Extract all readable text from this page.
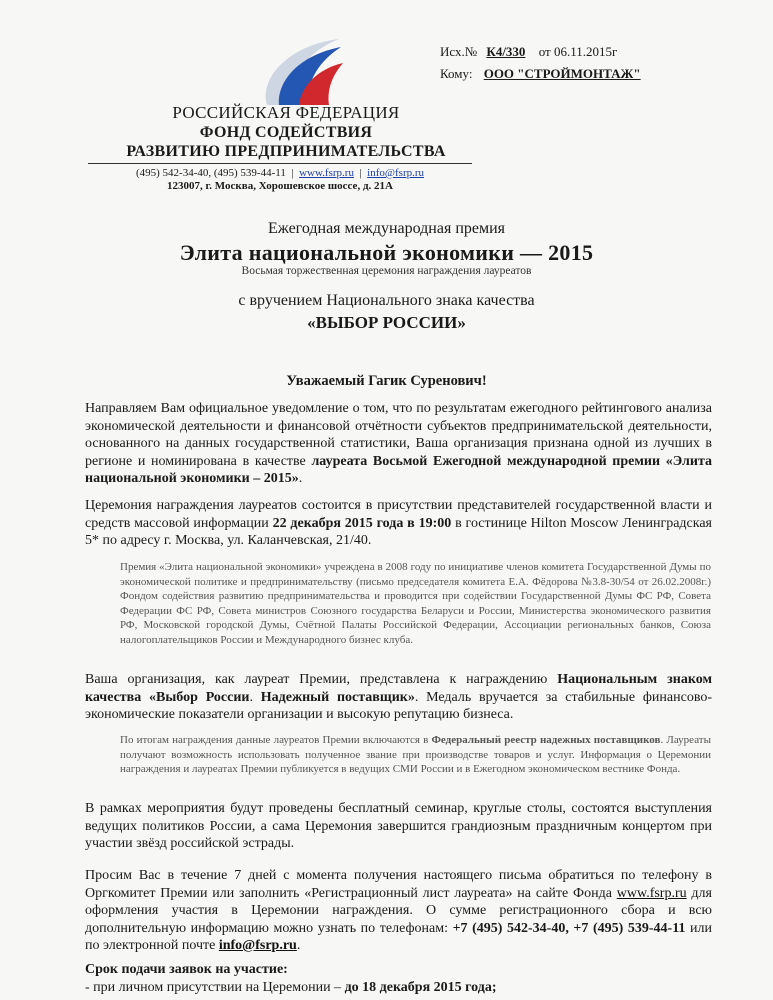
РОССИЙСКАЯ ФЕДЕРАЦИЯ
ФОНД СОДЕЙСТВИЯ
РАЗВИТИЮ ПРЕДПРИНИМАТЕЛЬСТВА
(495) 542-34-40, (495) 539-44-11  |  www.fsrp.ru  |  info@fsrp.ru
123007, г. Москва, Хорошевское шоссе, д. 21А
Исх.№ К4/330 от 06.11.2015г
Кому: ООО "СТРОЙМОНТАЖ"
Ежегодная международная премия
Элита национальной экономики — 2015
Восьмая торжественная церемония награждения лауреатов
с вручением Национального знака качества
«ВЫБОР РОССИИ»
Уважаемый Гагик Суренович!
Направляем Вам официальное уведомление о том, что по результатам ежегодного рейтингового анализа экономической деятельности и финансовой отчётности субъектов предпринимательской деятельности, основанного на данных государственной статистики, Ваша организация признана одной из лучших в регионе и номинирована в качестве лауреата Восьмой Ежегодной международной премии «Элита национальной экономики – 2015».
Церемония награждения лауреатов состоится в присутствии представителей государственной власти и средств массовой информации 22 декабря 2015 года в 19:00 в гостинице Hilton Moscow Ленинградская 5* по адресу г. Москва, ул. Каланчевская, 21/40.
Премия «Элита национальной экономики» учреждена в 2008 году по инициативе членов комитета Государственной Думы по экономической политике и предпринимательству (письмо председателя комитета Е.А. Фёдорова №3.8-30/54 от 26.02.2008г.) Фондом содействия развитию предпринимательства и проводится при содействии Государственной Думы ФС РФ, Совета Федерации ФС РФ, Совета министров Союзного государства Беларуси и России, Министерства экономического развития РФ, Московской городской Думы, Счётной Палаты Российской Федерации, Ассоциации региональных банков, Союза налогоплательщиков России и Международного бизнес клуба.
Ваша организация, как лауреат Премии, представлена к награждению Национальным знаком качества «Выбор России. Надежный поставщик». Медаль вручается за стабильные финансово-экономические показатели организации и высокую репутацию бизнеса.
По итогам награждения данные лауреатов Премии включаются в Федеральный реестр надежных поставщиков. Лауреаты получают возможность использовать полученное звание при производстве товаров и услуг. Информация о Церемонии награждения и лауреатах Премии публикуется в ведущих СМИ России и в Ежегодном экономическом вестнике Фонда.
В рамках мероприятия будут проведены бесплатный семинар, круглые столы, состоятся выступления ведущих политиков России, а сама Церемония завершится грандиозным праздничным концертом при участии звёзд российской эстрады.
Просим Вас в течение 7 дней с момента получения настоящего письма обратиться по телефону в Оргкомитет Премии или заполнить «Регистрационный лист лауреата» на сайте Фонда www.fsrp.ru для оформления участия в Церемонии награждения. О сумме регистрационного сбора и всю дополнительную информацию можно узнать по телефонам: +7 (495) 542-34-40, +7 (495) 539-44-11 или по электронной почте info@fsrp.ru.
Срок подачи заявок на участие:
- при личном присутствии на Церемонии – до 18 декабря 2015 года;
